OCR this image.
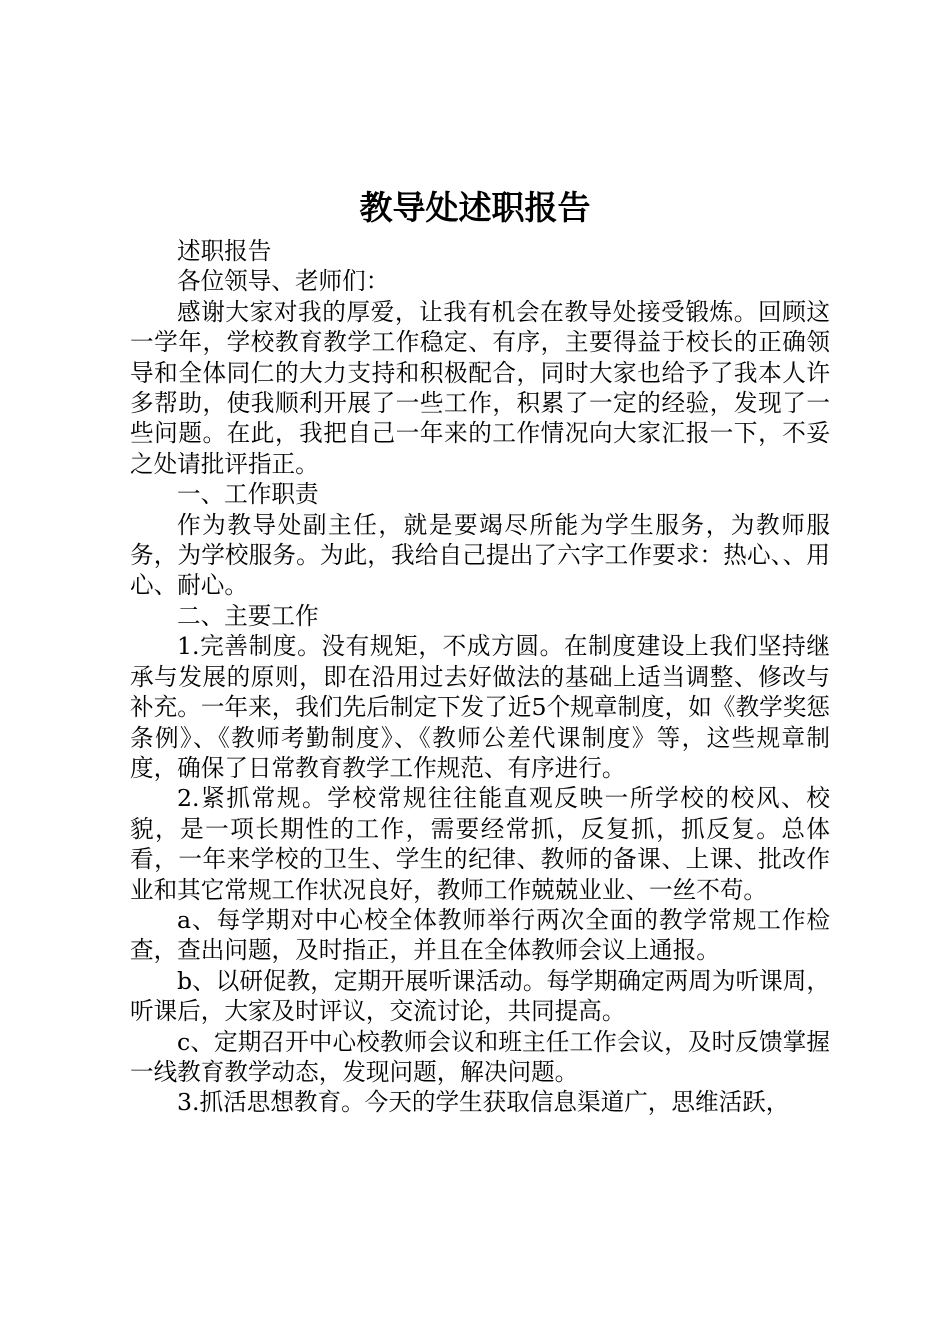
教导处述职报告

述职报告

各位领导、老师们：

感谢大家对我的厚爱，让我有机会在教导处接受锻炼。回顾这一学年，学校教育教学工作稳定、有序，主要得益于校长的正确领导和全体同仁的大力支持和积极配合，同时大家也给予了我本人许多帮助，使我顺利开展了一些工作，积累了一定的经验，发现了一些问题。在此，我把自己一年来的工作情况向大家汇报一下，不妥之处请批评指正。

一、工作职责

作为教导处副主任，就是要竭尽所能为学生服务，为教师服务，为学校服务。为此，我给自己提出了六字工作要求：热心、、用心、耐心。

二、主要工作

1.完善制度。没有规矩，不成方圆。在制度建设上我们坚持继承与发展的原则，即在沿用过去好做法的基础上适当调整、修改与补充。一年来，我们先后制定下发了近5个规章制度，如《教学奖惩条例》、《教师考勤制度》、《教师公差代课制度》等，这些规章制度，确保了日常教育教学工作规范、有序进行。

2.紧抓常规。学校常规往往能直观反映一所学校的校风、校貌，是一项长期性的工作，需要经常抓，反复抓，抓反复。总体看，一年来学校的卫生、学生的纪律、教师的备课、上课、批改作业和其它常规工作状况良好，教师工作兢兢业业、一丝不苟。

a、每学期对中心校全体教师举行两次全面的教学常规工作检查，查出问题，及时指正，并且在全体教师会议上通报。

b、以研促教，定期开展听课活动。每学期确定两周为听课周，听课后，大家及时评议，交流讨论，共同提高。

c、定期召开中心校教师会议和班主任工作会议，及时反馈掌握一线教育教学动态，发现问题，解决问题。

3.抓活思想教育。今天的学生获取信息渠道广，思维活跃，
